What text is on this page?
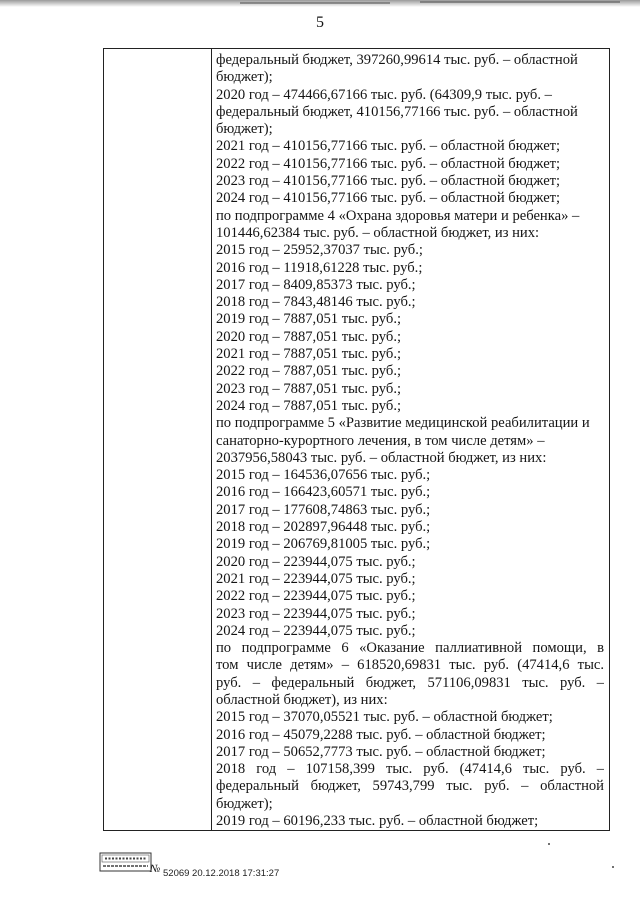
5
федеральный бюджет, 397260,99614 тыс. руб. – областной
бюджет);
2020 год – 474466,67166 тыс. руб. (64309,9 тыс. руб. –
федеральный бюджет, 410156,77166 тыс. руб. – областной
бюджет);
2021 год – 410156,77166 тыс. руб. – областной бюджет;
2022 год – 410156,77166 тыс. руб. – областной бюджет;
2023 год – 410156,77166 тыс. руб. – областной бюджет;
2024 год – 410156,77166 тыс. руб. – областной бюджет;
по подпрограмме 4 «Охрана здоровья матери и ребенка» –
101446,62384 тыс. руб. – областной бюджет, из них:
2015 год – 25952,37037 тыс. руб.;
2016 год – 11918,61228 тыс. руб.;
2017 год – 8409,85373 тыс. руб.;
2018 год – 7843,48146 тыс. руб.;
2019 год – 7887,051 тыс. руб.;
2020 год – 7887,051 тыс. руб.;
2021 год – 7887,051 тыс. руб.;
2022 год – 7887,051 тыс. руб.;
2023 год – 7887,051 тыс. руб.;
2024 год – 7887,051 тыс. руб.;
по подпрограмме 5 «Развитие медицинской реабилитации и
санаторно-курортного лечения, в том числе детям» –
2037956,58043 тыс. руб. – областной бюджет, из них:
2015 год – 164536,07656 тыс. руб.;
2016 год – 166423,60571 тыс. руб.;
2017 год – 177608,74863 тыс. руб.;
2018 год – 202897,96448 тыс. руб.;
2019 год – 206769,81005 тыс. руб.;
2020 год – 223944,075 тыс. руб.;
2021 год – 223944,075 тыс. руб.;
2022 год – 223944,075 тыс. руб.;
2023 год – 223944,075 тыс. руб.;
2024 год – 223944,075 тыс. руб.;
по подпрограмме 6 «Оказание паллиативной помощи, в
том числе детям» – 618520,69831 тыс. руб. (47414,6 тыс.
руб. – федеральный бюджет, 571106,09831 тыс. руб. –
областной бюджет), из них:
2015 год – 37070,05521 тыс. руб. – областной бюджет;
2016 год – 45079,2288 тыс. руб. – областной бюджет;
2017 год – 50652,7773 тыс. руб. – областной бюджет;
2018 год – 107158,399 тыс. руб. (47414,6 тыс. руб. –
федеральный бюджет, 59743,799 тыс. руб. – областной
бюджет);
2019 год – 60196,233 тыс. руб. – областной бюджет;
№ 52069 20.12.2018 17:31:27
